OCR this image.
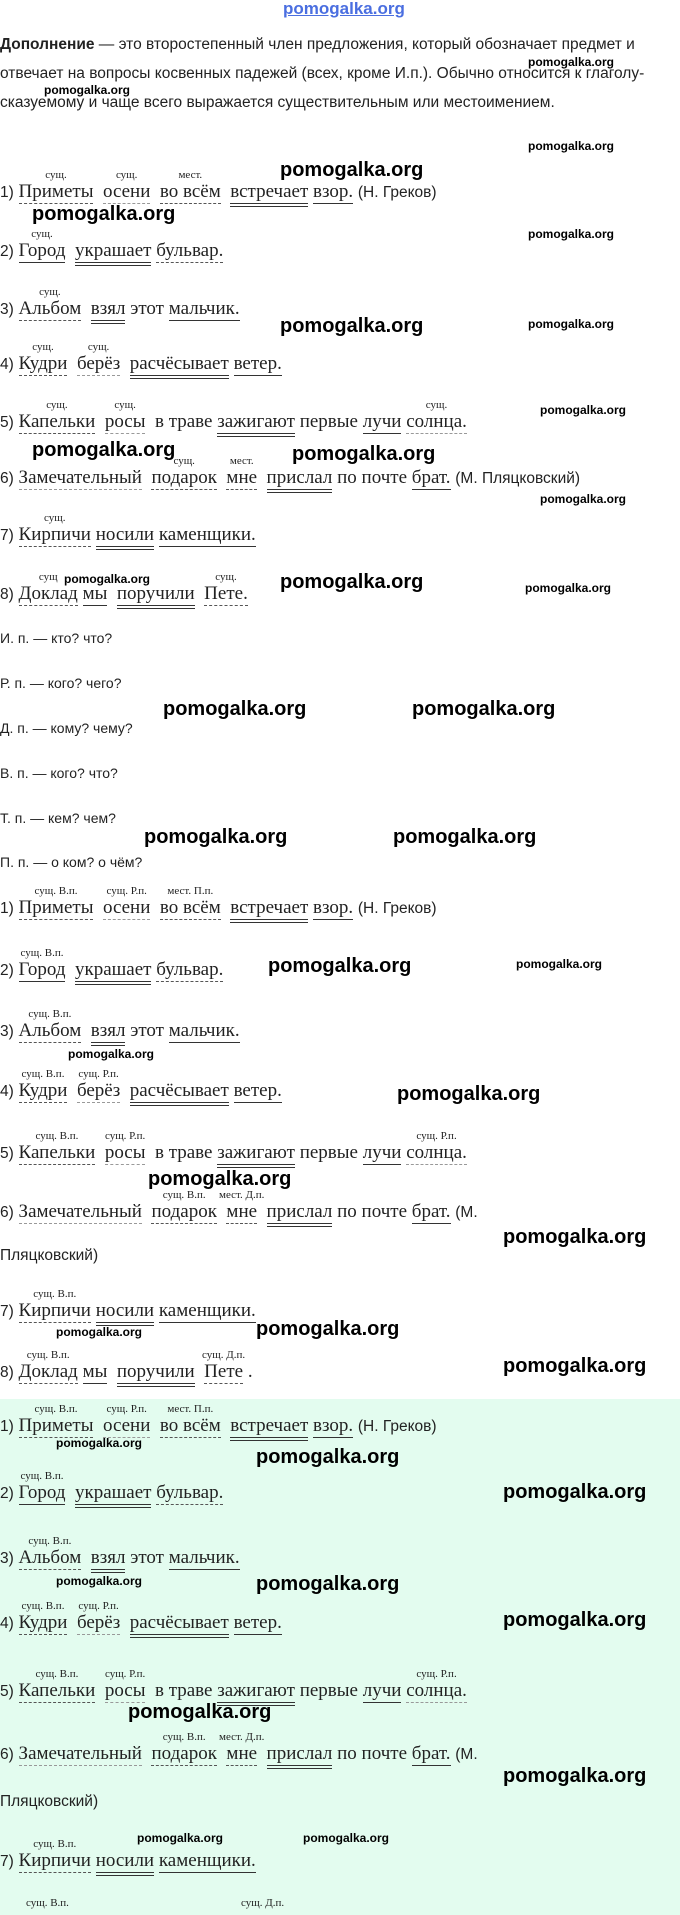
pomogalka.org
Дополнение — это второстепенный член предложения, который обозначает предмет и отвечает на вопросы косвенных падежей (всех, кроме И.п.). Обычно относится к глаголу-сказуемому и чаще всего выражается существительным или местоимением.
1)
сущ.
Приметы
сущ.
осени
мест.
во всём встречает взор. (Н. Греков)
2)
сущ.
Город украшает бульвар.
3)
сущ.
Альбом взял этот мальчик.
4)
сущ.
Кудри
сущ.
берёз расчёсывает ветер.
5)
сущ.
Капельки
сущ.
росы в траве зажигают первые лучи
сущ.
солнца.
6) Замечательный
сущ.
подарок
мест.
мне прислал по почте брат. (М. Пляцковский)
7)
сущ.
Кирпичи носили каменщики.
8)
сущ
Доклад мы поручили
сущ.
Пете.
И. п. — кто? что?
Р. п. — кого? чего?
Д. п. — кому? чему?
В. п. — кого? что?
Т. п. — кем? чем?
П. п. — о ком? о чём?
1)
сущ. В.п.
Приметы
сущ. Р.п.
осени
мест. П.п.
во всём встречает взор. (Н. Греков)
2)
сущ. В.п.
Город украшает бульвар.
3)
сущ. В.п.
Альбом взял этот мальчик.
4)
сущ. В.п.
Кудри
сущ. Р.п.
берёз расчёсывает ветер.
5)
сущ. В.п.
Капельки
сущ. Р.п.
росы в траве зажигают первые лучи
сущ. Р.п.
солнца.
6) Замечательный
сущ. В.п.
подарок
мест. Д.п.
мне прислал по почте брат. (М.
Пляцковский)
7)
сущ. В.п.
Кирпичи носили каменщики.
8)
сущ. В.п.
Доклад мы поручили
сущ. Д.п.
Пете .
1)
сущ. В.п.
Приметы
сущ. Р.п.
осени
мест. П.п.
во всём встречает взор. (Н. Греков)
2)
сущ. В.п.
Город украшает бульвар.
3)
сущ. В.п.
Альбом взял этот мальчик.
4)
сущ. В.п.
Кудри
сущ. Р.п.
берёз расчёсывает ветер.
5)
сущ. В.п.
Капельки
сущ. Р.п.
росы в траве зажигают первые лучи
сущ. Р.п.
солнца.
6) Замечательный
сущ. В.п.
подарок
мест. Д.п.
мне прислал по почте брат. (М.
Пляцковский)
7)
сущ. В.п.
Кирпичи носили каменщики.
сущ. В.п.	сущ. Д.п.
pomogalka.org
pomogalka.org
pomogalka.org
pomogalka.org
pomogalka.org
pomogalka.org
pomogalka.org	pomogalka.org
pomogalka.org
pomogalka.org	pomogalka.org
pomogalka.org
pomogalka.org	pomogalka.org	pomogalka.org
pomogalka.org	pomogalka.org
pomogalka.org	pomogalka.org
pomogalka.org	pomogalka.org
pomogalka.org
pomogalka.org
pomogalka.org
pomogalka.org
pomogalka.org	pomogalka.org
pomogalka.org
pomogalka.org
pomogalka.org
pomogalka.org
pomogalka.org	pomogalka.org
pomogalka.org
pomogalka.org
pomogalka.org
pomogalka.org	pomogalka.org
